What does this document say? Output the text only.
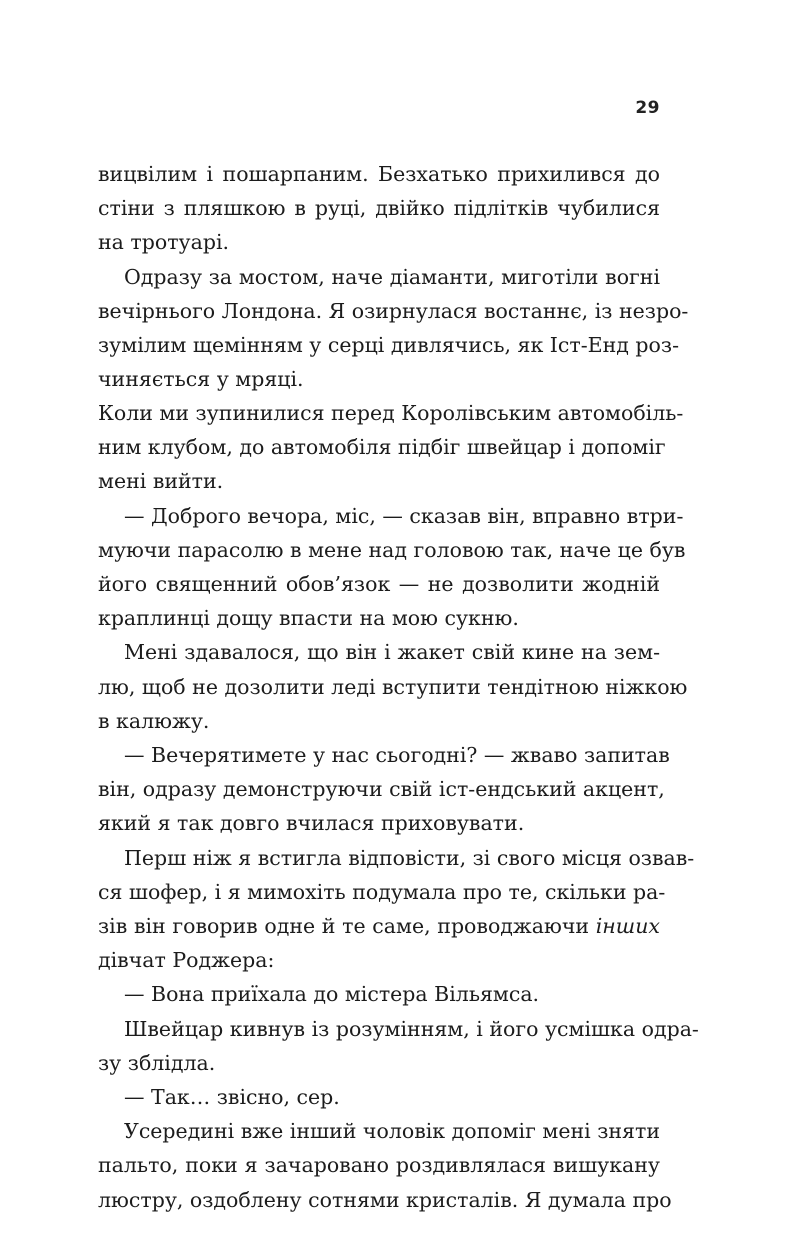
29
вицвілим і пошарпаним. Безхатько прихилився до
стіни з пляшкою в руці, двійко підлітків чубилися
на тротуарі.
Одразу за мостом, наче діаманти, миготіли вогні
вечірнього Лондона. Я озирнулася востаннє, із незро-
зумілим щемінням у серці дивлячись, як Іст-Енд роз-
чиняється у мряці.
Коли ми зупинилися перед Королівським автомобіль-
ним клубом, до автомобіля підбіг швейцар і допоміг
мені вийти.
— Доброго вечора, міс, — сказав він, вправно втри-
муючи парасолю в мене над головою так, наче це був
його священний обов’язок — не дозволити жодній
краплинці дощу впасти на мою сукню.
Мені здавалося, що він і жакет свій кине на зем-
лю, щоб не дозолити леді вступити тендітною ніжкою
в калюжу.
— Вечерятимете у нас сьогодні? — жваво запитав
він, одразу демонструючи свій іст-ендський акцент,
який я так довго вчилася приховувати.
Перш ніж я встигла відповісти, зі свого місця озвав-
ся шофер, і я мимохіть подумала про те, скільки ра-
зів він говорив одне й те саме, проводжаючи інших
дівчат Роджера:
— Вона приїхала до містера Вільямса.
Швейцар кивнув із розумінням, і його усмішка одра-
зу зблідла.
— Так… звісно, сер.
Усередині вже інший чоловік допоміг мені зняти
пальто, поки я зачаровано роздивлялася вишукану
люстру, оздоблену сотнями кристалів. Я думала про
